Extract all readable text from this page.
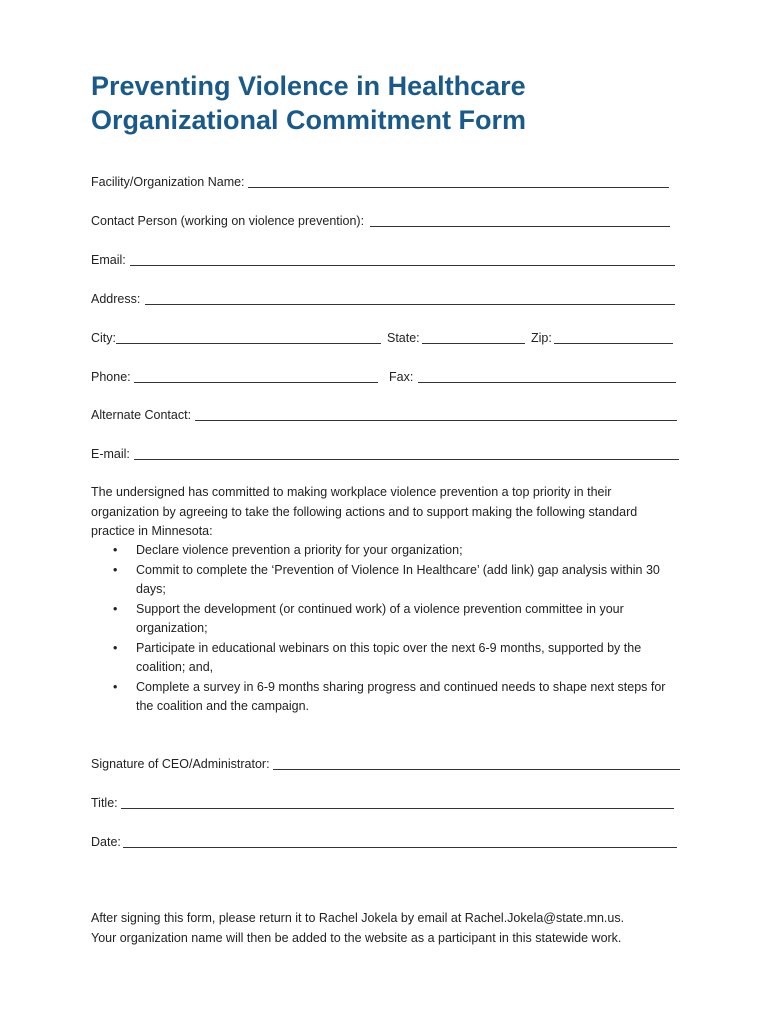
Preventing Violence in Healthcare
Organizational Commitment Form
Facility/Organization Name:
Contact Person (working on violence prevention):
Email:
Address:
City:	State:	Zip:
Phone:	Fax:
Alternate Contact:
E-mail:

The undersigned has committed to making workplace violence prevention a top priority in their organization by agreeing to take the following actions and to support making the following standard practice in Minnesota:

• Declare violence prevention a priority for your organization;
• Commit to complete the ‘Prevention of Violence In Healthcare’ (add link) gap analysis within 30 days;
• Support the development (or continued work) of a violence prevention committee in your organization;
• Participate in educational webinars on this topic over the next 6-9 months, supported by the coalition; and,
• Complete a survey in 6-9 months sharing progress and continued needs to shape next steps for the coalition and the campaign.
Signature of CEO/Administrator:
Title:
Date:

After signing this form, please return it to Rachel Jokela by email at Rachel.Jokela@state.mn.us.
Your organization name will then be added to the website as a participant in this statewide work.
